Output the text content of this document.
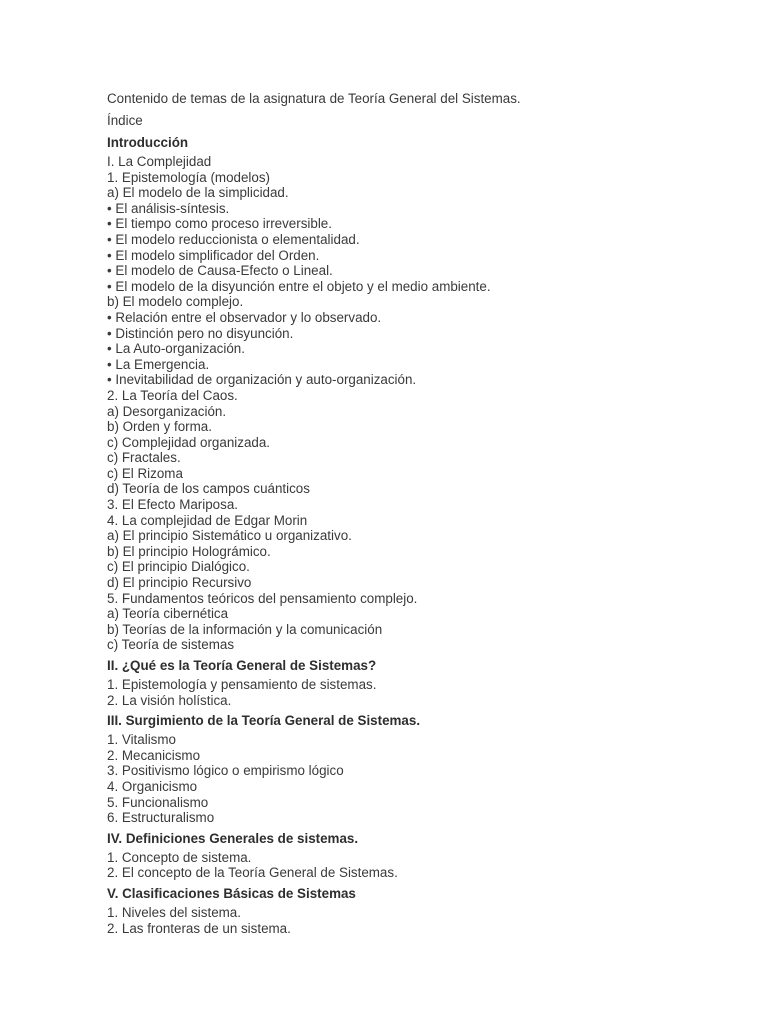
Contenido de temas de la asignatura de Teoría General del Sistemas.
Índice
Introducción
I. La Complejidad
1. Epistemología (modelos)
a) El modelo de la simplicidad.
• El análisis-síntesis.
• El tiempo como proceso irreversible.
• El modelo reduccionista o elementalidad.
• El modelo simplificador del Orden.
• El modelo de Causa-Efecto o Lineal.
• El modelo de la disyunción entre el objeto y el medio ambiente.
b) El modelo complejo.
• Relación entre el observador y lo observado.
• Distinción pero no disyunción.
• La Auto-organización.
• La Emergencia.
• Inevitabilidad de organización y auto-organización.
2. La Teoría del Caos.
a) Desorganización.
b) Orden y forma.
c) Complejidad organizada.
c) Fractales.
c) El Rizoma
d) Teoría de los campos cuánticos
3. El Efecto Mariposa.
4. La complejidad de Edgar Morin
a) El principio Sistemático u organizativo.
b) El principio Holográmico.
c) El principio Dialógico.
d) El principio Recursivo
5. Fundamentos teóricos del pensamiento complejo.
a) Teoría cibernética
b) Teorías de la información y la comunicación
c) Teoría de sistemas
II. ¿Qué es la Teoría General de Sistemas?
1. Epistemología y pensamiento de sistemas.
2. La visión holística.
III. Surgimiento de la Teoría General de Sistemas.
1. Vitalismo
2. Mecanicismo
3. Positivismo lógico o empirismo lógico
4. Organicismo
5. Funcionalismo
6. Estructuralismo
IV. Definiciones Generales de sistemas.
1. Concepto de sistema.
2. El concepto de la Teoría General de Sistemas.
V. Clasificaciones Básicas de Sistemas
1. Niveles del sistema.
2. Las fronteras de un sistema.
